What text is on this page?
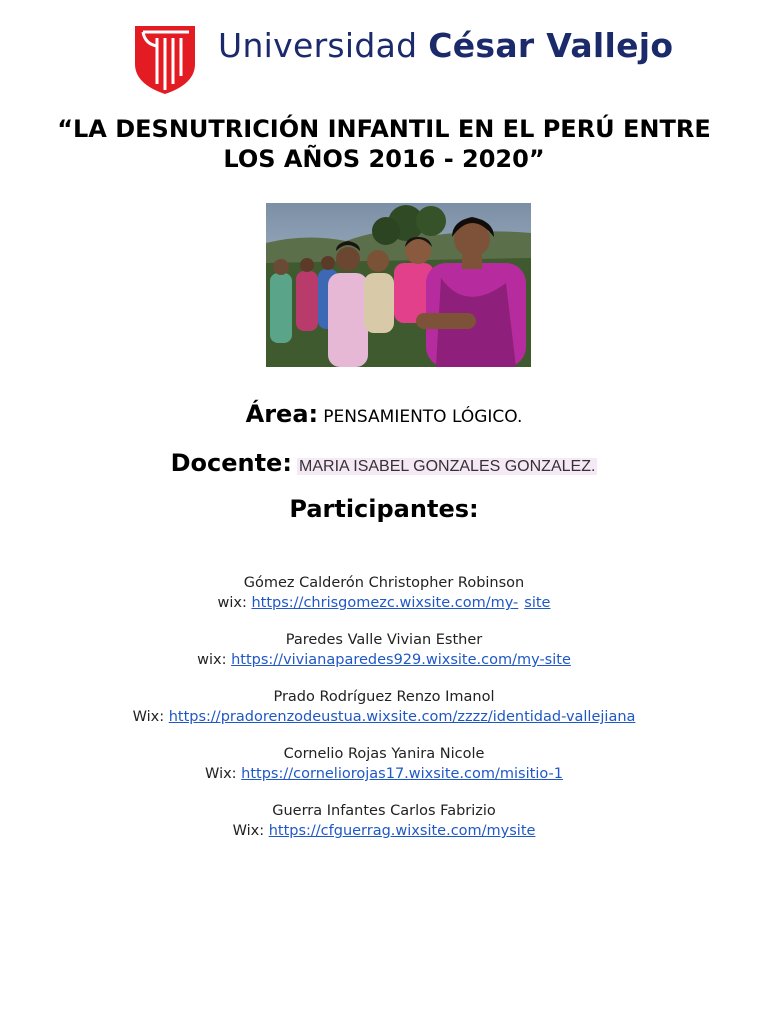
Universidad César Vallejo
“LA DESNUTRICIÓN INFANTIL EN EL PERÚ ENTRE
LOS AÑOS 2016 - 2020”
Área: PENSAMIENTO LÓGICO.
Docente: MARIA ISABEL GONZALES GONZALEZ.
Participantes:
Gómez Calderón Christopher Robinson
wix: https://chrisgomezc.wixsite.com/my- site
Paredes Valle Vivian Esther
wix: https://vivianaparedes929.wixsite.com/my-site
Prado Rodríguez Renzo Imanol
Wix: https://pradorenzodeustua.wixsite.com/zzzz/identidad-vallejiana
Cornelio Rojas Yanira Nicole
Wix: https://corneliorojas17.wixsite.com/misitio-1
Guerra Infantes Carlos Fabrizio
Wix: https://cfguerrag.wixsite.com/mysite
